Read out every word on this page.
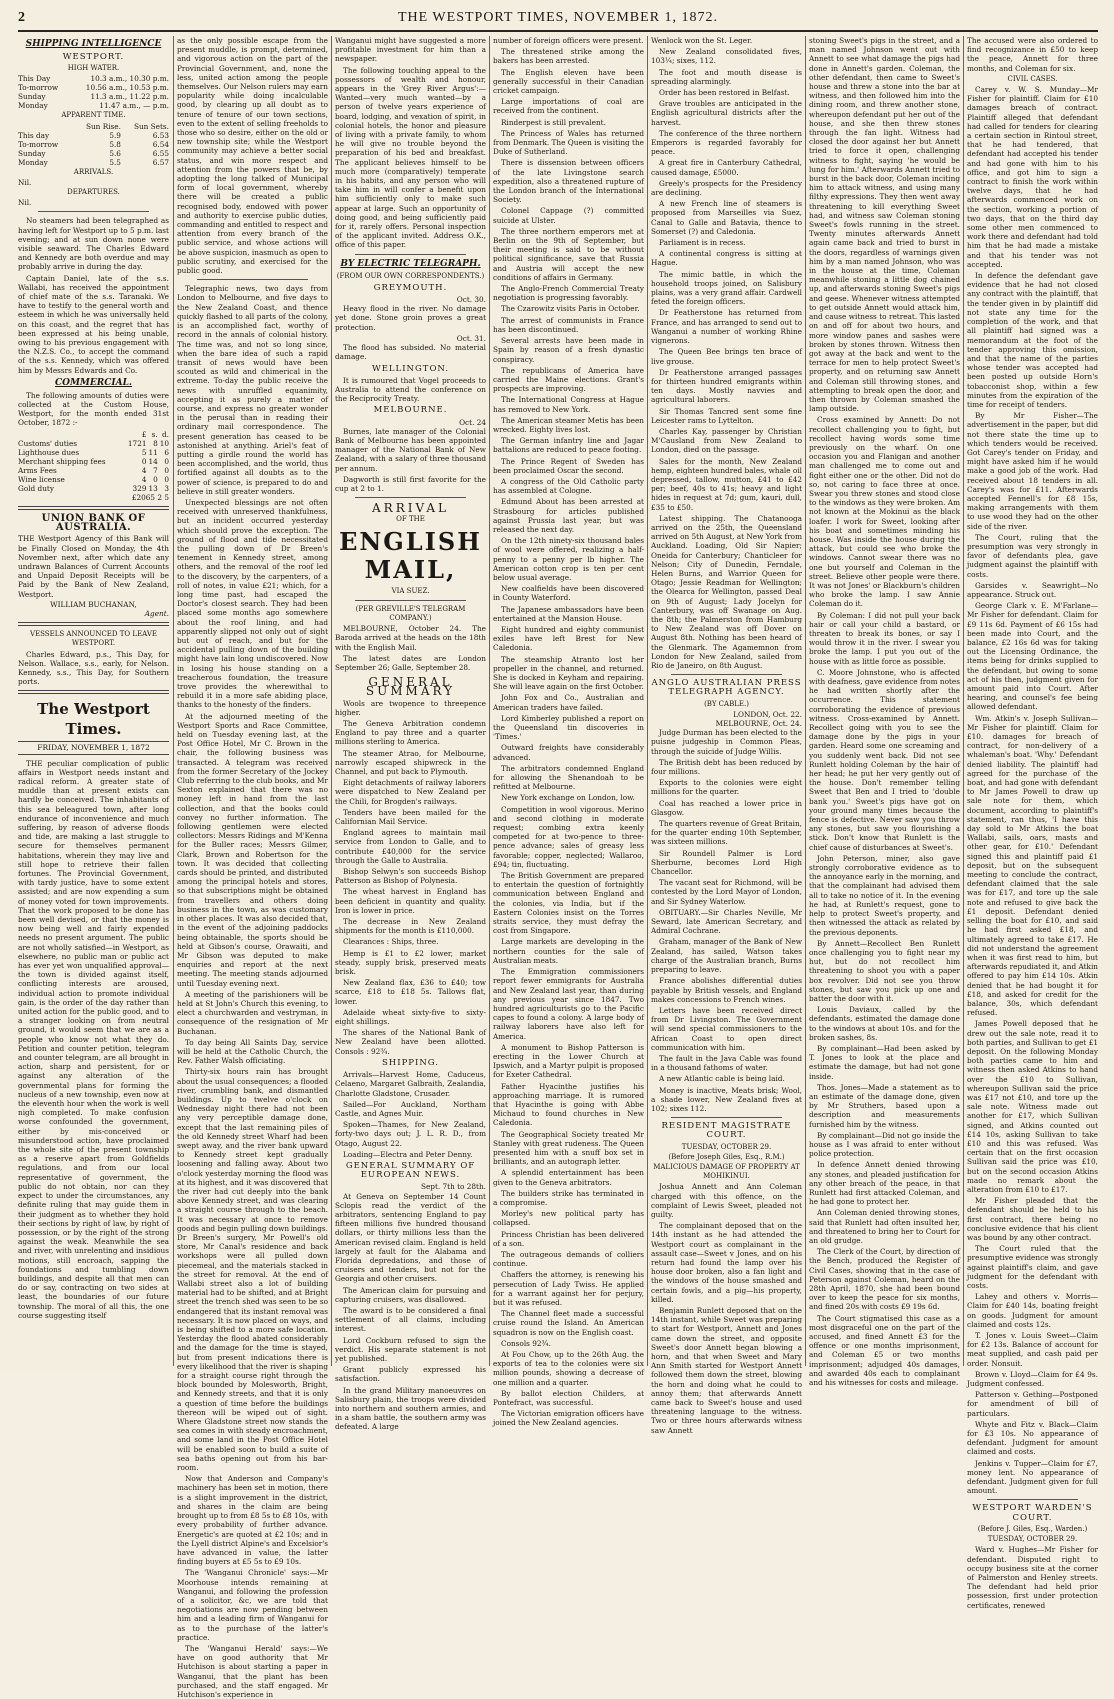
2	THE WESTPORT TIMES, NOVEMBER 1, 1872.
SHIPPING INTELLIGENCE
WESTPORT.
HIGH WATER.
This Day	10.3 a.m., 10.30 p.m.
To-morrow	10.56 a.m., 10.53 p.m.
Sunday	11.3 a.m., 11.22 p.m.
Monday	11.47 a.m., — p.m.
APPARENT TIME.
	Sun Rise.	Sun Sets.
This day	5.9	6.53
To-morrow	5.8	6.54
Sunday	5.6	6.55
Monday	5.5	6.57
ARRIVALS.
Nil.
DEPARTURES.
Nil.

No steamers had been telegraphed as having left for Westport up to 5 p.m. last evening; and at sun down none were visible seaward. The Charles Edward and Kennedy are both overdue and may probably arrive in during the day.

Captain Daniel, late of the s.s. Wallabi, has received the appointment of chief mate of the s.s. Taranaki. We have to testify to the general worth and esteem in which he was universally held on this coast, and the regret that has been expressed at his being unable, owing to his previous engagement with the N.Z.S. Co., to accept the command of the s.s. Kennedy, which was offered him by Messrs Edwards and Co.

COMMERCIAL.

The following amounts of duties were collected at the Custom House, Westport, for the month ended 31st October, 1872 :-

	£	s.	d.
Customs' duties	1721	8	10
Lighthouse dues	5	11	6
Merchant shipping fees	0	14	0
Arms Fees	4	7	0
Wine license	4	0	0
Gold duty	329	13	3
£2065 2 5
UNION BANK OF AUSTRALIA.
THE Westport Agency of this Bank will be Finally Closed on Monday, the 4th November next, after which date any undrawn Balances of Current Accounts and Unpaid Deposit Receipts will be Paid by the Bank of New Zealand, Westport.
WILLIAM BUCHANAN,
Agent.
VESSELS ANNOUNCED TO LEAVE WESTPORT.

Charles Edward, p.s., This Day, for Nelson. Wallace, s.s., early, for Nelson. Kennedy, s.s., This Day, for Southern ports.

The Westport Times.
FRIDAY, NOVEMBER 1, 1872

THE peculiar complication of public affairs in Westport needs instant and radical reform. A greater state of muddle than at present exists can hardly be conceived. The inhabitants of this sea beleagured town, after long endurance of inconvenience and much suffering, by reason of adverse floods and tide, are making a last struggle to secure for themselves permanent habitations, wherein they may live and still hope to retrieve their fallen fortunes. The Provincial Government, with tardy justice, have to some extent assisted; and are now expending a sum of money voted for town improvements. That the work proposed to be done has been well devised, or that the money is now being well and fairly expended needs no present argument. The public are not wholly satisfied—in Westport, as elsewhere, no public man or public act has ever yet won unqualified approval—the town is divided against itself, conflicting interests are aroused, individual action to promote individual gain, is the order of the day rather than united action for the public good, and to a stranger looking on from neutral ground, it would seem that we are as a people who know not what they do. Petition and counter petition, telegram and counter telegram, are all brought in action, sharp and persistent, for or against any alteration of the governmental plans for forming the nucleus of a new township, even now at the eleventh hour when the work is well nigh completed. To make confusion worse confounded the government, either by mis-conceived or misunderstood action, have proclaimed the whole site of the present township as a reserve apart from Goldfields regulations, and from our local representative of government, the public do not obtain, nor can they expect to under the circumstances, any definite ruling that may guide them in their judgment as to whether they hold their sections by right of law, by right of possession, or by the right of the strong against the weak. Meanwhile the sea and river, with unrelenting and insidious motions, still encroach, sapping the foundations and tumbling down buildings, and despite all that men can do or say, contracting on two sides at least, the boundaries of our future township. The moral of all this, the one course suggesting itself

as the only possible escape from the present muddle, is prompt, determined, and vigorous action on the part of the Provincial Government, and, none the less, united action among the people themselves. Our Nelson rulers may earn popularity while doing incalculable good, by clearing up all doubt as to tenure of tenure of our town sections, even to the extent of selling freeholds to those who so desire, either on the old or new township site; while the Westport community may achieve a better social status, and win more respect and attention from the powers that be, by adopting the long talked of Municipal form of local government, whereby there will be created a public recognised body, endowed with power and authority to exercise public duties, commanding and entitled to respect and attention from every branch of the public service, and whose actions will be above suspicion, inasmuch as open to public scrutiny, and exercised for the public good.

Telegraphic news, two days from London to Melbourne, and five days to the New Zealand Coast, and thence quickly flashed to all parts of the colony, is an accomplished fact, worthy of record in the annals of colonial history. The time was, and not so long since, when the bare idea of such a rapid transit of news would have been scouted as wild and chimerical in the extreme. To-day the public receive the news with unruffled equanimity, accepting it as purely a matter of course, and express no greater wonder in the perusal than in reading their ordinary mail correspondence. The present generation has ceased to be astonished at anything. Ariel's feat of putting a girdle round the world has been accomplished, and the world, thus fortified against all doubts as to the power of science, is prepared to do and believe in still greater wonders.

Unexpected blessings are not often received with unreserved thankfulness, but an incident occurred yesterday which should prove the exception. The ground of flood and tide necessitated the pulling down of Dr Breen's tenement in Kennedy street, among others, and the removal of the roof led to the discovery, by the carpenters, of a roll of notes, in value £21; which, for a long time past, had escaped the Doctor's closest search. They had been placed some months ago somewhere about the roof lining, and had apparently slipped not only out of sight but out of reach, and but for the accidental pulling down of the building might have lain long undiscovered. Now in losing his house standing on a treacherous foundation, the treasure trove provides the wherewithal to rebuild it in a more safe abiding place, thanks to the honesty of the finders.

At the adjourned meeting of the Westport Sports and Race Committee, held on Tuesday evening last, at the Post Office Hotel, Mr C. Brown in the chair, the following business was transacted. A telegram was received from the former Secretary of the Jockey Club referring to the club books, and Mr Sexton explained that there was no money left in hand from the last collection, and that the books could convey no further information. The following gentlemen were elected collectors: Messrs Ridings and M'Kenna for the Buller races; Messrs Gilmer, Clark, Brown and Robertson for the town. It was decided that collecting cards should be printed, and distributed among the principal hotels and stores, so that subscriptions might be obtained from travellers and others doing business in the town, as was customary in other places. It was also decided that, in the event of the adjoining paddocks being obtainable, the sports should be held at Gibson's course, Orawaiti, and Mr Gibson was deputed to make enquiries and report at the next meeting. The meeting stands adjourned until Tuesday evening next.

A meeting of the parishioners will be held at St John's Church this evening, to elect a churchwarden and vestryman, in consequence of the resignation of Mr Buchanan.

To day being All Saints Day, service will be held at the Catholic Church, the Rev. Father Walsh officiating.

Thirty-six hours rain has brought about the usual consequences; a flooded river, crumbling bank, and dismantled buildings. Up to twelve o'clock on Wednesday night there had not been any very perceptible damage done, except that the last remaining piles of the old Kennedy street Wharf had been swept away, and the river bank upward to Kennedy street kept gradually loosening and falling away. About two o'clock yesterday morning the flood was at its highest, and it was discovered that the river had cut deeply into the bank above Kennedy street, and was clearing a straight course through to the beach. It was necessary at once to remove goods and begin pulling down buildings. Dr Breen's surgery, Mr Powell's old store, Mr Canal's residence and back workshops were all pulled down piecemeal, and the materials stacked in the street for removal. At the end of Wallabi street also a lot of building material had to be shifted, and at Bright street the trench shed was seen to be so endangered that its instant removal was necessary. It is now placed on ways, and is being shifted to a more safe location. Yesterday the flood abated considerably and the damage for the time is stayed, but from present indications there is every likelihood that the river is shaping for a straight course right through the block bounded by Molesworth, Bright, and Kennedy streets, and that it is only a question of time before the buildings thereon will be wiped out of sight. Where Gladstone street now stands the sea comes in with steady encroachment, and some land in the Post Office Hotel will be enabled soon to build a suite of sea baths opening out from his bar-room.

Now that Anderson and Company's machinery has been set in motion, there is a slight improvement in the district, and shares in the claim are being brought up to from £8 5s to £8 10s, with every probability of further advance. Energetic's are quoted at £2 10s; and in the Lyell district Alpine's and Excelsior's have advanced in value, the latter finding buyers at £5 5s to £9 10s.

The 'Wanganui Chronicle' says:—Mr Moorhouse intends remaining at Wanganui, and following the profession of a solicitor, &c, we are told that negotiations are now pending between him and a leading firm of Wanganui for as to the purchase of the latter's practice.

The 'Wanganui Herald' says:—We have on good authority that Mr Hutchison is about starting a paper in Wanganui, that the plant has been purchased, and the staff engaged. Mr Hutchison's experience in

Wanganui might have suggested a more profitable investment for him than a newspaper.

The following touching appeal to the possessors of wealth and honour, appears in the 'Grey River Argus':—Wanted—very much wanted—by a person of twelve years experience of board, lodging, and vexation of spirit, in colonial hotels, the honor and pleasure of living with a private family, to whom he will give no trouble beyond the preparation of his bed and breakfast. The applicant believes himself to be much more (comparatively) temperate in his habits, and any person who will take him in will confer a benefit upon him sufficiently only to make such appear at large. Such an opportunity of doing good, and being sufficiently paid for it, rarely offers. Personal inspection of the applicant invited. Address O.K., office of this paper.

BY ELECTRIC TELEGRAPH.
(FROM OUR OWN CORRESPONDENTS.)
GREYMOUTH.
Oct. 30.

Heavy flood in the river. No damage yet done. Stone groin proves a great protection.

Oct. 31.

The flood has subsided. No material damage.

WELLINGTON.

It is rumoured that Vogel proceeds to Australia to attend the conference on the Reciprocity Treaty.

MELBOURNE.
Oct. 24

Burnes, late manager of the Colonial Bank of Melbourne has been appointed manager of the National Bank of New Zealand, with a salary of three thousand per annum.

Dagworth is still first favorite for the cup at 2 to 1.

ARRIVAL
OF THE
ENGLISH MAIL,
VIA SUEZ.
(PER GREVILLE'S TELEGRAM COMPANY.)

MELBOURNE, October 24. The Baroda arrived at the heads on the 18th with the English Mail.

The latest dates are London September 26; Galle, September 28.

GENERAL SUMMARY

Wools are twopence to threepence higher.

The Geneva Arbitration condemn England to pay three and a quarter millions sterling to America.

The steamer Atrao, for Melbourne, narrowly escaped shipwreck in the Channel, and put back to Plymouth.

Eight detachments of railway laborers were dispatched to New Zealand per the Chili, for Brogden's railways.

Tenders have been mailed for the Californian Mail Service.

England agrees to maintain mail service from London to Galle, and to contribute £40,000 for the service through the Galle to Australia.

Bishop Selwyn's son succeeds Bishop Patterson as Bishop of Polynesia.

The wheat harvest in England has been deficient in quantity and quality. Iron is lower in price.

The decrease in New Zealand shipments for the month is £110,000.

Clearances : Ships, three.

Hemp is £1 to £2 lower, market steady, supply brisk, preserved meats brisk.

New Zealand flax, £36 to £40; tow scarce, £18 to £18 5s. Tallows flat, lower.

Adelaide wheat sixty-five to sixty-eight shillings.

The shares of the National Bank of New Zealand have been allotted. Consols : 92¾.

SHIPPING.

Arrivals—Harvest Home, Caduceus, Celaeno, Margaret Galbraith, Zealandia, Charlotte Gladstone, Crusader.

Sailed—For Auckland, Northam Castle, and Agnes Muir.

Spoken—Thames, for New Zealand, forty-two days out; J. L. R. D., from Otago, August 22.

Loading—Electra and Peter Denny.

GENERAL SUMMARY OF EUROPEAN NEWS.
Sept. 7th to 28th.

At Geneva on September 14 Count Sclopis read the verdict of the arbitrators, sentencing England to pay fifteen millions five hundred thousand dollars, or thirty millions less than the American revised claim. England is held largely at fault for the Alabama and Florida depredations, and those of cruisers and tenders, but not for the Georgia and other cruisers.

The American claim for pursuing and capturing cruisers, was disallowed.

The award is to be considered a final settlement of all claims, including interest.

Lord Cockburn refused to sign the verdict. His separate statement is not yet published.

Grant publicly expressed his satisfaction.

In the grand Military manoeuvres on Salisbury plain, the troops were divided into northern and southern armies, and in a sham battle, the southern army was defeated. A large

number of foreign officers were present.

The threatened strike among the bakers has been arrested.

The English eleven have been generally successful in their Canadian cricket campaign.

Large importations of coal are received from the continent.

Rinderpest is still prevalent.

The Princess of Wales has returned from Denmark. The Queen is visiting the Duke of Sutherland.

There is dissension between officers of the late Livingstone search expedition, also a threatened rupture of the London branch of the International Society.

Colonel Cappage (?) committed suicide at Ulster.

The three northern emperors met at Berlin on the 9th of September, but their meeting is said to be without political significance, save that Russia and Austria will accept the new conditions of affairs in Germany.

The Anglo-French Commercial Treaty negotiation is progressing favorably.

The Czarowitz visits Paris in October.

The arrest of communists in France has been discontinued.

Several arrests have been made in Spain by reason of a fresh dynastic conspiracy.

The republicans of America have carried the Maine elections. Grant's prospects are improving.

The International Congress at Hague has removed to New York.

The American steamer Metis has been wrecked. Eighty lives lost.

The German infantry line and Jagar battalions are reduced to peace footing.

The Prince Regent of Sweden has been proclaimed Oscar the second.

A congress of the Old Catholic party has assembled at Cologne.

Edmund About has been arrested at Strasbourg for articles published against Prussia last year, but was released the next day.

On the 12th ninety-six thousand bales of wool were offered, realizing a half-penny to a penny per lb higher. The American cotton crop is ten per cent below usual average.

New coalfields have been discovered in County Waterford.

The Japanese ambassadors have been entertained at the Mansion House.

Eight hundred and eighty communist exiles have left Brest for New Caledonia.

The steamship Atranto lost her propeller in the channel, and returned. She is docked in Keyham and repairing. She will leave again on the first October.

John Fox and Co., Australian and American traders have failed.

Lord Kimberley published a report on the Queensland tin discoveries in 'Times.'

Outward freights have considerably advanced.

The arbitrators condemned England for allowing the Shenandoah to be refitted at Melbourne.

New York exchange on London, low.

Competition in wool vigorous. Merino and second clothing in moderate request; combing extra keenly competed for at two-pence to three-pence advance; sales of greasy less favorable; copper, neglected; Wallaroo, £94; tin, fluctuating.

The British Government are prepared to entertain the question of fortnightly communication between England and the colonies, via India, but if the Eastern Colonies insist on the Torres straits service, they must defray the cost from Singapore.

Large markets are developing in the northern counties for the sale of Australian meats.

The Emmigration commissioners report fewer emmigrants for Australia and New Zealand last year, than during any previous year since 1847. Two hundred agriculturists go to the Pacific capes to found a colony. A large body of railway laborers have also left for America.

A monument to Bishop Patterson is erecting in the Lower Church at Ipswich, and a Martyr pulpit is proposed for Exeter Cathedral.

Father Hyacinthe justifies his approaching marriage. It is rumored that Hyacinthe is going with Abbe Michaud to found churches in New Caledonia.

The Geographical Society treated Mr Stanley with great rudeness. The Queen presented him with a snuff box set in brilliants, and an autograph letter.

A splendid entertainment has been given to the Geneva arbitrators.

The builders strike has terminated in a compromise.

Morley's new political party has collapsed.

Princess Christian has been delivered of a son.

The outrageous demands of colliers continue.

Chaffers the attorney, is renewing his persecution of Lady Twiss. He applied for a warrant against her for perjury, but it was refused.

The Channel fleet made a successful cruise round the Island. An American squadron is now on the English coast.

Consols 92¾.

At Fou Chow, up to the 26th Aug. the exports of tea to the colonies were six million pounds, showing a decrease of one million and a quarter.

By ballot election Childers, at Pontefract, was successful.

The Victorian emigration officers have joined the New Zealand agencies.

Wenlock won the St. Leger.

New Zealand consolidated fives, 103¼; sixes, 112.

The foot and mouth disease is spreading alarmingly.

Order has been restored in Belfast.

Grave troubles are anticipated in the English agricultural districts after the harvest.

The conference of the three northern Emperors is regarded favorably for peace.

A great fire in Canterbury Cathedral, caused damage, £5000.

Greely's prospects for the Presidency are declining.

A new French line of steamers is proposed from Marseilles via Suez, Canal to Galle and Batavia, thence to Somerset (?) and Caledonia.

Parliament is in recess.

A continental congress is sitting at Hague.

The mimic battle, in which the household troops joined, on Salisbury plains, was a very grand affair. Cardwell feted the foreign officers.

Dr Featherstone has returned from France, and has arranged to send out to Wanganui a number of working Rhine vignerons.

The Queen Bee brings ten brace of live grouse.

Dr Featherstone arranged passages for thirteen hundred emigrants within ten days. Mostly navvies and agricultural laborers.

Sir Thomas Tancred sent some fine Leicester rams to Lyttelton.

Charles Kay, passenger by Christian M'Causland from New Zealand to London, died on the passage.

Sales for the month, New Zealand hemp, eighteen hundred bales, whale oil depressed, tallow, mutton, £41 to £42 per; beef, 40s to 41s; heavy and light hides in request at 7d; gum, kauri, dull, £35 to £50.

Latest shipping. The Chatanooga arrived on the 25th, the Queensland arrived on 5th August, at New York from Auckland. Loading, Old Sir Napier; Oneida for Canterbury; Chanticleer for Nelson; City of Dunedin, Ferndale, Helen Burns, and Warrior Queen for Otago; Jessie Readman for Wellington; the Olearca for Wellington, passed Deal on 9th of August; Lady Jocelyn for Canterbury, was off Swanage on Aug. the 8th; the Palmerston from Hamburg to New Zealand was off Dover on August 8th. Nothing has been heard of the Glenmark. The Agamemnon from London for New Zealand, sailed from Rio de Janeiro, on 8th August.

ANGLO AUSTRALIAN PRESS TELEGRAPH AGENCY.
(BY CABLE.)
LONDON, Oct. 22.
MELBOURNE, Oct. 24.

Judge Durman has been elected to the puisne judgeship in Common Pleas, through the suicide of Judge Willis.

The British debt has been reduced by four millions.

Exports to the colonies were eight millions for the quarter.

Coal has reached a lower price in Glasgow.

The quarters revenue of Great Britain, for the quarter ending 10th September, was sixteen millions.

Sir Roundell Palmer is Lord Sherburne, becomes Lord High Chancellor.

The vacant seat for Richmond, will be contested by the Lord Mayor of London, and Sir Sydney Waterlow.

OBITUARY.—Sir Charles Neville, Mr Seward, late American Secretary, and Admiral Cochrane.

Graham, manager of the Bank of New Zealand, has sailed, Watson takes charge of the Australian branch, Burns preparing to leave.

France abolishes differential duties payable by British vessels, and England makes concessions to French wines.

Letters have been received direct from Dr Livingston. The Government will send special commissioners to the African Coast to open direct communication with him.

The fault in the Java Cable was found in a thousand fathoms of water.

A new Atlantic cable is being laid.

Money is inactive, Meats brisk; Wool, a shade lower, New Zealand fives at 102; sixes 112.

RESIDENT MAGISTRATE COURT.
TUESDAY, OCTOBER 29.
(Before Joseph Giles, Esq., R.M.)
MALICIOUS DAMAGE OF PROPERTY AT MOHIKINUI.

Joshua Annett and Ann Coleman charged with this offence, on the complaint of Lewis Sweet, pleaded not guilty.

The complainant deposed that on the 14th instant as he had attended the Westport court as complainant in the assault case—Sweet v Jones, and on his return had found the lamp over his house door broken, also a fan light and the windows of the house smashed and certain fowls, and a pig—his property, killed.

Benjamin Runlett deposed that on the 14th instant, while Sweet was preparing to start for Westport, Annett and Jones came down the street, and opposite Sweet's door Annett began blowing a horn, and that when Sweet and Mary Ann Smith started for Westport Annett followed them down the street, blowing the horn and doing what he could to annoy them; that afterwards Annett came back to Sweet's house and used threatening language to the witness. Two or three hours afterwards witness saw Annett

stoning Sweet's pigs in the street, and a man named Johnson went out with Annett to see what damage the pigs had done in Annett's garden. Coleman, the other defendant, then came to Sweet's house and threw a stone into the bar at witness, and then followed him into the dining room, and threw another stone, whereupon defendant put her out of the house, and she then threw stones through the fan light. Witness had closed the door against her but Annett tried to force it open, challenging witness to fight, saying 'he would be lung for him.' Afterwards Annett tried to burst in the back door, Coleman inciting him to attack witness, and using many filthy expressions. They then went away threatening to kill everything Sweet had, and witness saw Coleman stoning Sweet's fowls running in the street. Twenty minutes afterwards Annett again came back and tried to burst in the doors, regardless of warnings given him by a man named Johnson, who was in the house at the time, Coleman meanwhile stoning a little dog chained up, and afterwards stoning Sweet's pigs and geese. Whenever witness attempted to get outside Annett would attack him, and cause witness to retreat. This lasted on and off for about two hours, and more window panes and sashes were broken by stones thrown. Witness then got away at the back and went to the terrace for men to help protect Sweet's property, and on returning saw Annett and Coleman still throwing stones, and attempting to break open the door, and then thrown by Coleman smashed the lamp outside.

Cross examined by Annett: Do not recollect challenging you to fight, but recollect having words some time previously on the wharf. On one occasion you and Flanigan and another man challenged me to come out and fight either one or the other. Did not do so, not caring to face three at once. Swear you threw stones and stood close to the windows as they were broken. Am not known at the Mokinui as the black loafer. I work for Sweet, looking after his boat and sometimes minding his house. Was inside the house during the attack, but could see who broke the windows. Cannot swear there was no one but yourself and Coleman in the street. Believe other people were there. It was not Jones' or Blackburn's children who broke the lamp. I saw Annie Coleman do it.

By Coleman: I did not pull your back hair or call your child a bastard, or threaten to break its bones, or say I would throw it in the river. I swear you broke the lamp. I put you out of the house with as little force as possible.

C. Moore Johnstone, who is affected with deafness, gave evidence from notes he had written shortly after the occurrence. This statement corroborating the evidence of previous witness. Cross-examined by Annett. Recollect going with you to see the damage done by the pigs in your garden. Heard some one screaming and you suddenly went back. Did not see Runlett holding Coleman by the hair of her head; he put her very gently out of the house. Don't remember telling Sweet that Ben and I tried to 'double bank you.' Sweet's pigs have got on your ground many times because the fence is defective. Never saw you throw any stones, but saw you flourishing a stick. Don't know that Runlett is the chief cause of disturbances at Sweet's.

John Peterson, miner, also gave strongly corroborative evidence as to the annoyance early in the morning, and that the complainant had advised them all to take no notice of it. In the evening he had, at Runlett's request, gone to help to protect Sweet's property, and then witnessed the attack as related by the previous deponents.

By Annett—Recollect Ben Runlett once challenging you to fight near my hut, but do not recollect him threatening to shoot you with a paper box revolver. Did not see you throw stones, but saw you pick up one and batter the door with it.

Louis Daviaux, called by the defendants, estimated the damage done to the windows at about 10s. and for the broken sashes, 8s.

By complainant—Had been asked by T. Jones to look at the place and estimate the damage, but had not gone inside.

Thos. Jones—Made a statement as to an estimate of the damage done, given by Mr Struthers, based upon a description and measurements furnished him by the witness.

By complainant—Did not go inside the house as I was afraid to enter without police protection.

In defence Annett denied throwing any stones, and pleaded justification for any other breach of the peace, in that Runlett had first attacked Coleman, and he had gone to protect her.

Ann Coleman denied throwing stones, said that Runlett had often insulted her, and threatened to bring her to Court for an old grudge.

The Clerk of the Court, by direction of the Bench, produced the Register of Civil Cases, showing that in the case of Peterson against Coleman, heard on the 28th April, 1870, she had been bound over to keep the peace for six months, and fined 20s with costs £9 19s 6d.

The Court stigmatised this case as a most disgraceful one on the part of the accused, and fined Annett £3 for the offence or one months imprisonment, and Coleman £5 or two months imprisonment; adjudged 40s damages, and awarded 40s each to complainant and his witnesses for costs and mileage.

The accused were also ordered to find recognizance in £50 to keep the peace, Annett for three months, and Coleman for six.

CIVIL CASES.

Carey v. W. S. Munday—Mr Fisher for plaintiff. Claim for £10 damages breach of contract. Plaintiff alleged that defendant had called for tenders for clearing a certain section in Rintoul street, that he had tendered, that defendant had accepted his tender and had gone with him to his office, and got him to sign a contract to finish the work within twelve days, that he had afterwards commenced work on the section, working a portion of two days, that on the third day some other men commenced to work there and defendant had told him that he had made a mistake and that his tender was not accepted.

In defence the defendant gave evidence that he had not closed any contract with the plaintiff, that the tender given in by plaintiff did not state any time for the completion of the work, and that all plaintiff had signed was a memorandum at the foot of the tender approving this omission, and that the name of the parties whose tender was accepted had been posted up outside Horn's tobacconist shop, within a few minutes from the expiration of the time for receipt of tenders.

By Mr Fisher—The advertisement in the paper, but did not there state the time up to which tenders would be received. Got Carey's tender on Friday, and might have asked him if he would make a good job of the work. Had received about 18 tenders in all. Carey's was for £11. Afterwards accepted Fennell's for £8 15s, making arrangements with them to use wood they had on the other side of the river.

The Court, ruling that the presumption was very strongly in favor of defendants plea, gave judgment against the plaintiff with costs.

Garsides v. Seawright—No appearance. Struck out.

George Clark v. E. M'Farlane—Mr Fisher for defendant. Claim for £9 11s 6d. Payment of £6 15s had been made into Court, and the balance, £2 16s 6d was for taking out the Licensing Ordinance, the items being for drinks supplied to the defendant, but owing to some act of his then, judgment given for amount paid into Court. After hearing, and counsel's fee being allowed defendant.

Wm. Atkin's v. Joseph Sullivan—Mr Fisher for plaintiff. Claim for £10. damages for breach of contract, for non-delivery of a whaleman's boat. 'Why.' Defendant denied liability. The plaintiff had agreed for the purchase of the boat, and had gone with defendant to Mr James Powell to draw up sale note for them, which document, according to plaintiff's statement, ran thus, 'I have this day sold to Mr Atkins the boat Wallabi, sails, oars, masts and other gear, for £10.' Defendant signed this and plaintiff paid £1 deposit, but on the subsequent meeting to conclude the contract, defendant claimed that the sale was for £17, and tore up the sale note and refused to give back the £1 deposit. Defendant denied selling the boat for £10, and said he had first asked £18, and ultimately agreed to take £17. He did not understand the agreement when it was first read to him, but afterwards repudiated it, and Atkin offered to pay him £14 10s. Atkin denied that he had bought it for £18, and asked for credit for the balance, 30s, which defendant refused.

James Powell deposed that he drew out the sale note, read it to both parties, and Sullivan to get £1 deposit. On the following Monday both parties came to him and witness then asked Atkins to hand over the £10 to Sullivan, whereupon Sullivan said the price was £17 not £10, and tore up the sale note. Witness made out another for £17, which Sullivan signed, and Atkins counted out £14 10s, asking Sullivan to take £10 and this was refused. Was certain that on the first occasion Sullivan said the price was £10, but on the second occasion Atkins made no remark about the alteration from £10 to £17.

Mr Fisher pleaded that the defendant should be held to his first contract, there being no conclusive evidence that his client was bound by any other contract.

The Court ruled that the presumptive evidence was strongly against plaintiff's claim, and gave judgment for the defendant with costs.

Lahey and others v. Morris—Claim for £40 14s, boating freight on goods. Judgment for amount claimed and costs 12s.

T. Jones v. Louis Sweet—Claim for £2 13s. Balance of account for meat supplied, and cash paid per order. Nonsuit.

Brown v. Lloyd—Claim for £4 9s. Judgment confessed.

Patterson v. Gething—Postponed for amendment of bill of particulars.

Whyte and Fitz v. Black—Claim for £3 10s. No appearance of defendant. Judgment for amount claimed and costs.

Jenkins v. Tupper—Claim for £7, money lent. No appearance of defendant. Judgment given for full amount.

WESTPORT WARDEN'S COURT.
(Before J. Giles, Esq., Warden.)
TUESDAY, OCTOBER 29.

Ward v. Hughes—Mr Fisher for defendant. Disputed right to occupy business site at the corner of Palmerston and Henley streets. The defendant had held prior possession, first under protection certificates, renewed
